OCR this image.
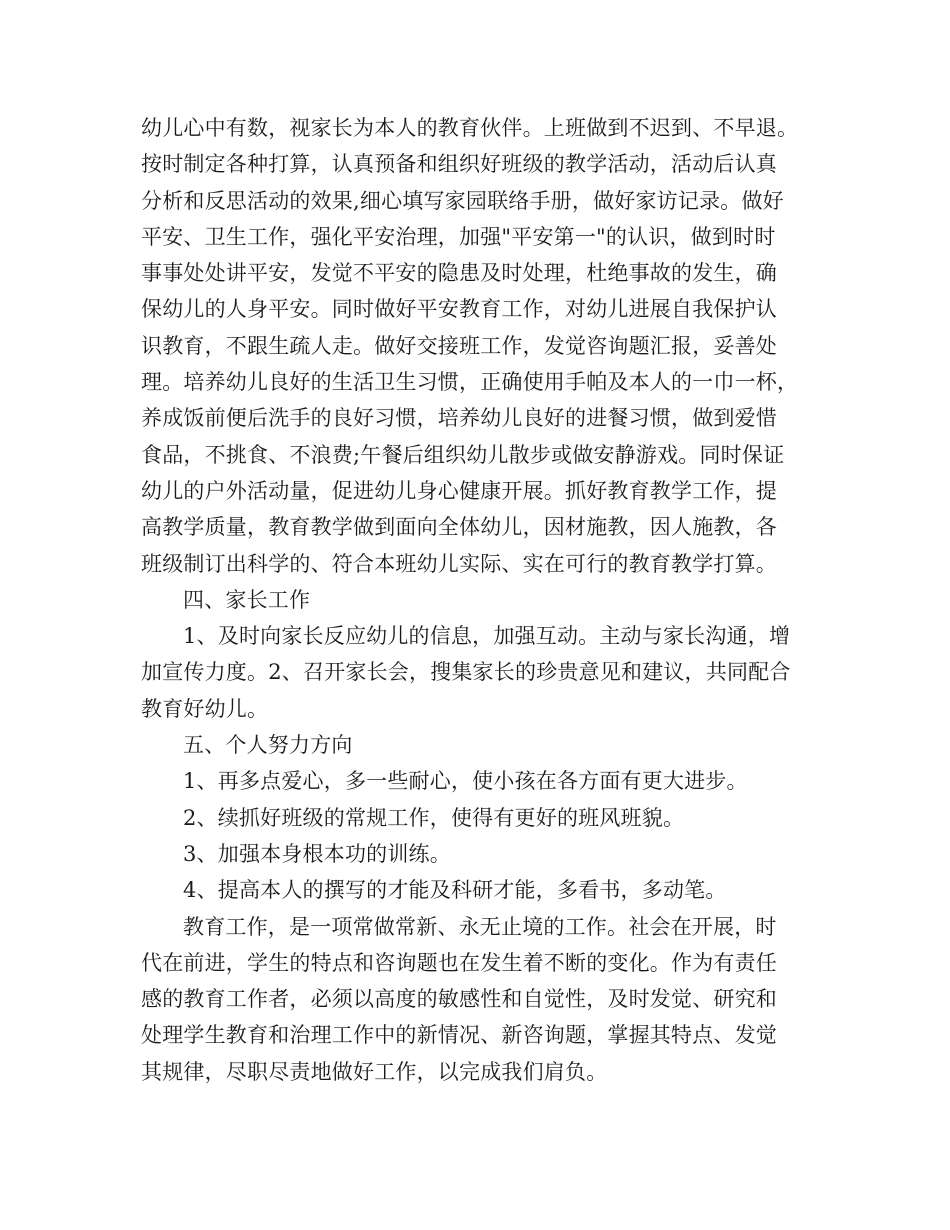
幼儿心中有数，视家长为本人的教育伙伴。上班做到不迟到、不早退。
按时制定各种打算，认真预备和组织好班级的教学活动，活动后认真
分析和反思活动的效果,细心填写家园联络手册，做好家访记录。做好
平安、卫生工作，强化平安治理，加强"平安第一"的认识，做到时时
事事处处讲平安，发觉不平安的隐患及时处理，杜绝事故的发生，确
保幼儿的人身平安。同时做好平安教育工作，对幼儿进展自我保护认
识教育，不跟生疏人走。做好交接班工作，发觉咨询题汇报，妥善处
理。培养幼儿良好的生活卫生习惯，正确使用手帕及本人的一巾一杯，
养成饭前便后洗手的良好习惯，培养幼儿良好的进餐习惯，做到爱惜
食品，不挑食、不浪费;午餐后组织幼儿散步或做安静游戏。同时保证
幼儿的户外活动量，促进幼儿身心健康开展。抓好教育教学工作，提
高教学质量，教育教学做到面向全体幼儿，因材施教，因人施教，各
班级制订出科学的、符合本班幼儿实际、实在可行的教育教学打算。
四、家长工作
1、及时向家长反应幼儿的信息，加强互动。主动与家长沟通，增
加宣传力度。2、召开家长会，搜集家长的珍贵意见和建议，共同配合
教育好幼儿。
五、个人努力方向
1、再多点爱心，多一些耐心，使小孩在各方面有更大进步。
2、续抓好班级的常规工作，使得有更好的班风班貌。
3、加强本身根本功的训练。
4、提高本人的撰写的才能及科研才能，多看书，多动笔。
教育工作，是一项常做常新、永无止境的工作。社会在开展，时
代在前进，学生的特点和咨询题也在发生着不断的变化。作为有责任
感的教育工作者，必须以高度的敏感性和自觉性，及时发觉、研究和
处理学生教育和治理工作中的新情况、新咨询题，掌握其特点、发觉
其规律，尽职尽责地做好工作，以完成我们肩负。
